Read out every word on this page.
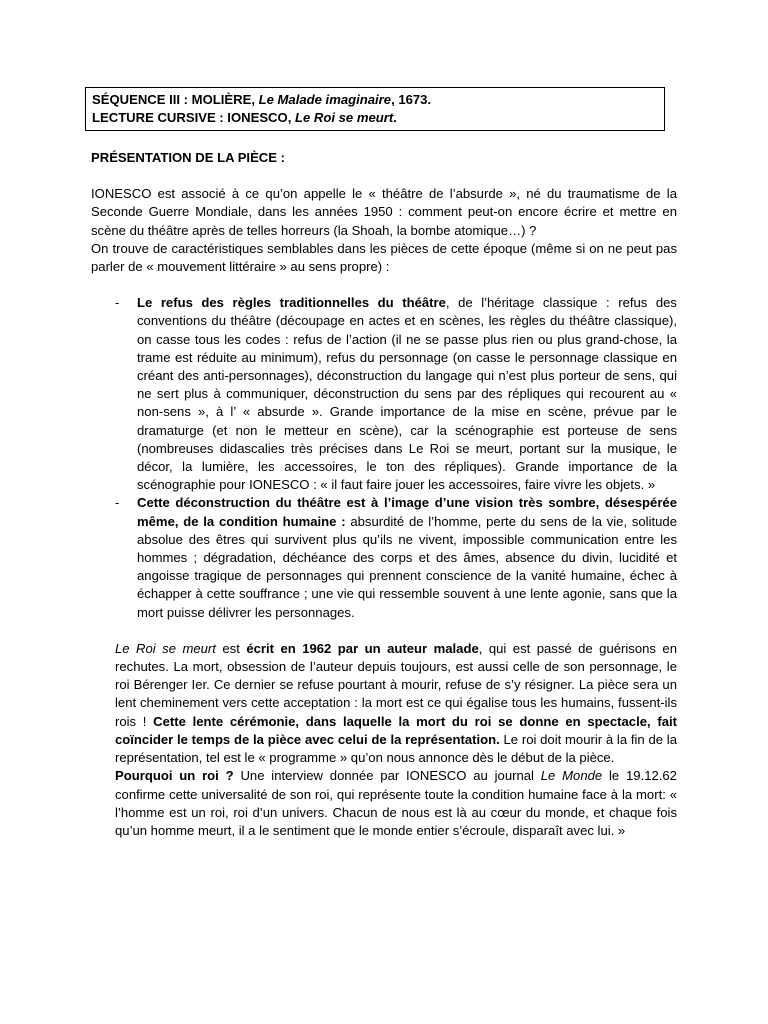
SÉQUENCE III : MOLIÈRE, Le Malade imaginaire, 1673.
LECTURE CURSIVE : IONESCO, Le Roi se meurt.
PRÉSENTATION DE LA PIÈCE :

IONESCO est associé à ce qu’on appelle le « théâtre de l’absurde », né du traumatisme de la Seconde Guerre Mondiale, dans les années 1950 : comment peut-on encore écrire et mettre en scène du théâtre après de telles horreurs (la Shoah, la bombe atomique…) ?

On trouve de caractéristiques semblables dans les pièces de cette époque (même si on ne peut pas parler de « mouvement littéraire » au sens propre) :

- Le refus des règles traditionnelles du théâtre, de l’héritage classique : refus des conventions du théâtre (découpage en actes et en scènes, les règles du théâtre classique), on casse tous les codes : refus de l’action (il ne se passe plus rien ou plus grand-chose, la trame est réduite au minimum), refus du personnage (on casse le personnage classique en créant des anti-personnages), déconstruction du langage qui n’est plus porteur de sens, qui ne sert plus à communiquer, déconstruction du sens par des répliques qui recourent au « non-sens », à l’ « absurde ». Grande importance de la mise en scène, prévue par le dramaturge (et non le metteur en scène), car la scénographie est porteuse de sens (nombreuses didascalies très précises dans Le Roi se meurt, portant sur la musique, le décor, la lumière, les accessoires, le ton des répliques). Grande importance de la scénographie pour IONESCO : « il faut faire jouer les accessoires, faire vivre les objets. »
- Cette déconstruction du théâtre est à l’image d’une vision très sombre, désespérée même, de la condition humaine : absurdité de l’homme, perte du sens de la vie, solitude absolue des êtres qui survivent plus qu’ils ne vivent, impossible communication entre les hommes ; dégradation, déchéance des corps et des âmes, absence du divin, lucidité et angoisse tragique de personnages qui prennent conscience de la vanité humaine, échec à échapper à cette souffrance ; une vie qui ressemble souvent à une lente agonie, sans que la mort puisse délivrer les personnages.

Le Roi se meurt est écrit en 1962 par un auteur malade, qui est passé de guérisons en rechutes. La mort, obsession de l’auteur depuis toujours, est aussi celle de son personnage, le roi Bérenger Ier. Ce dernier se refuse pourtant à mourir, refuse de s’y résigner. La pièce sera un lent cheminement vers cette acceptation : la mort est ce qui égalise tous les humains, fussent-ils rois ! Cette lente cérémonie, dans laquelle la mort du roi se donne en spectacle, fait coïncider le temps de la pièce avec celui de la représentation. Le roi doit mourir à la fin de la représentation, tel est le « programme » qu’on nous annonce dès le début de la pièce.

Pourquoi un roi ? Une interview donnée par IONESCO au journal Le Monde le 19.12.62 confirme cette universalité de son roi, qui représente toute la condition humaine face à la mort: « l’homme est un roi, roi d’un univers. Chacun de nous est là au cœur du monde, et chaque fois qu’un homme meurt, il a le sentiment que le monde entier s’écroule, disparaît avec lui. »
